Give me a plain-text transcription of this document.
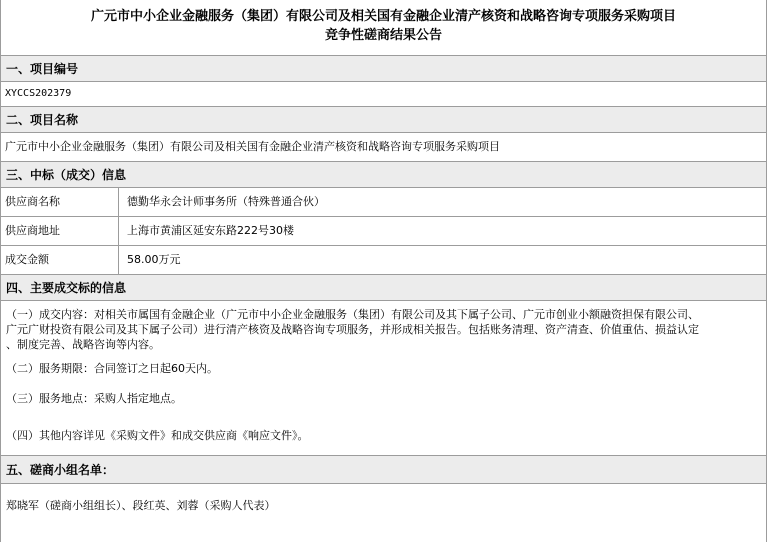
广元市中小企业金融服务（集团）有限公司及相关国有金融企业清产核资和战略咨询专项服务采购项目
竞争性磋商结果公告
一、项目编号
XYCCS202379
二、项目名称
广元市中小企业金融服务（集团）有限公司及相关国有金融企业清产核资和战略咨询专项服务采购项目
三、中标（成交）信息
供应商名称	德勤华永会计师事务所（特殊普通合伙）
供应商地址	上海市黄浦区延安东路222号30楼
成交金额	58.00万元
四、主要成交标的信息
（一）成交内容：对相关市属国有金融企业（广元市中小企业金融服务（集团）有限公司及其下属子公司、广元市创业小额融资担保有限公司、
广元广财投资有限公司及其下属子公司）进行清产核资及战略咨询专项服务，并形成相关报告。包括账务清理、资产清查、价值重估、损益认定
、制度完善、战略咨询等内容。
（二）服务期限：合同签订之日起60天内。
（三）服务地点：采购人指定地点。
（四）其他内容详见《采购文件》和成交供应商《响应文件》。
五、磋商小组名单：
郑晓军（磋商小组组长）、段红英、刘蓉（采购人代表）
